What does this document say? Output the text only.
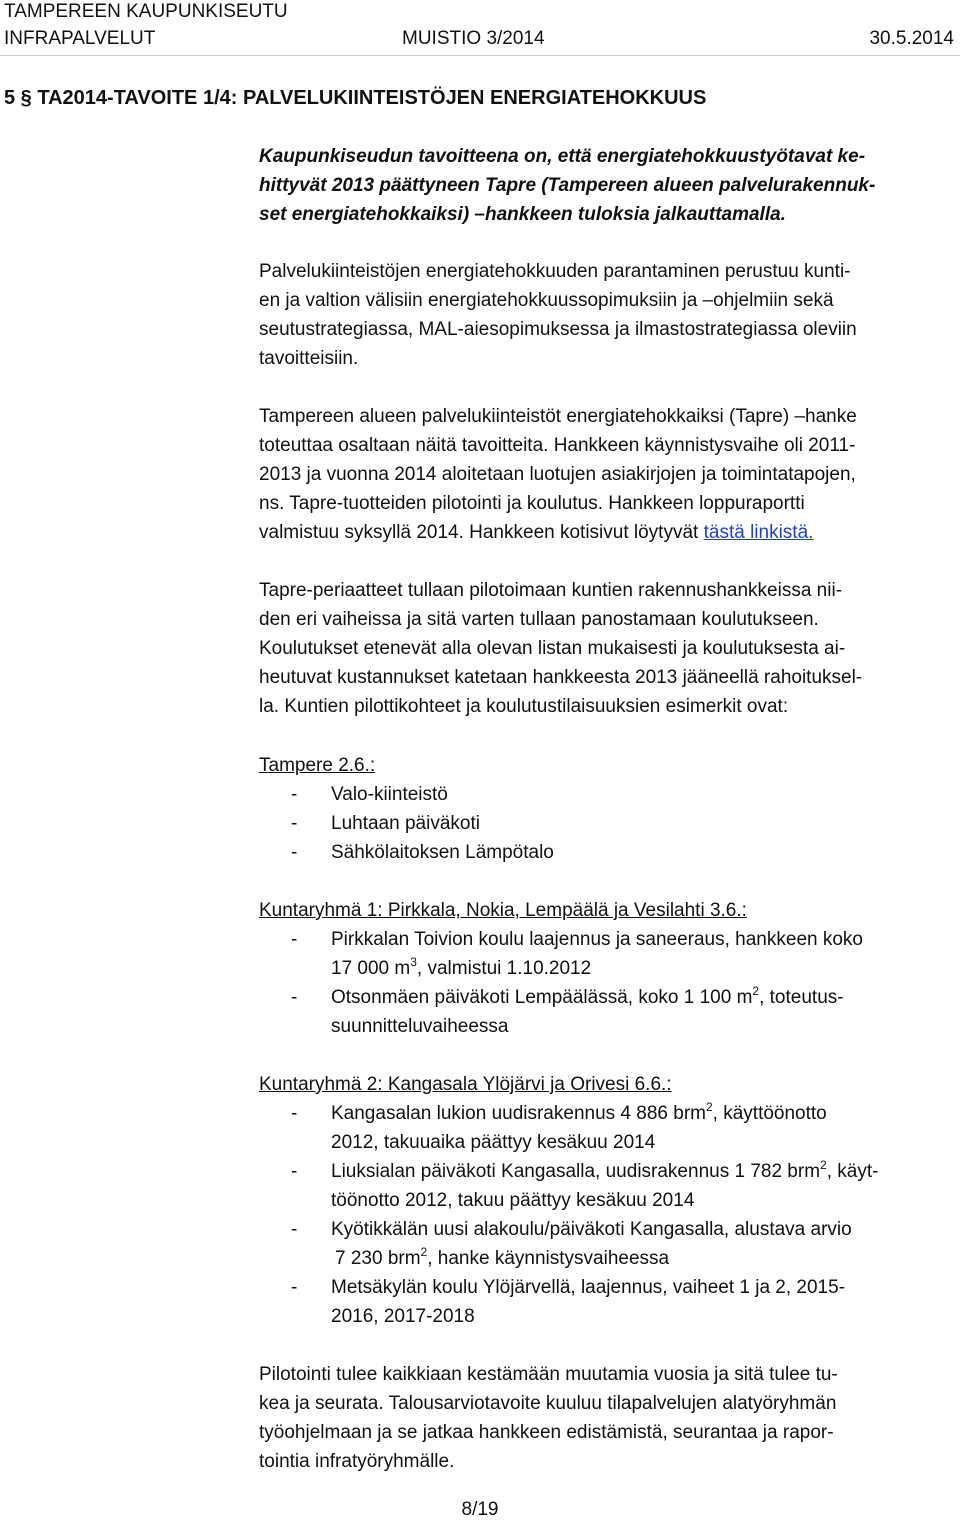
TAMPEREEN KAUPUNKISEUTU
INFRAPALVELUT	MUISTIO 3/2014	30.5.2014
5 § TA2014-TAVOITE 1/4: PALVELUKIINTEISTÖJEN ENERGIATEHOKKUUS
Kaupunkiseudun tavoitteena on, että energiatehokkuustyötavat ke-
hittyvät 2013 päättyneen Tapre (Tampereen alueen palvelurakennuk-
set energiatehokkaiksi) –hankkeen tuloksia jalkauttamalla.
Palvelukiinteistöjen energiatehokkuuden parantaminen perustuu kunti-
en ja valtion välisiin energiatehokkuussopimuksiin ja –ohjelmiin sekä
seutustrategiassa, MAL-aiesopimuksessa ja ilmastostrategiassa oleviin
tavoitteisiin.
Tampereen alueen palvelukiinteistöt energiatehokkaiksi (Tapre) –hanke
toteuttaa osaltaan näitä tavoitteita. Hankkeen käynnistysvaihe oli 2011-
2013 ja vuonna 2014 aloitetaan luotujen asiakirjojen ja toimintatapojen,
ns. Tapre-tuotteiden pilotointi ja koulutus. Hankkeen loppuraportti
valmistuu syksyllä 2014. Hankkeen kotisivut löytyvät tästä linkistä.
Tapre-periaatteet tullaan pilotoimaan kuntien rakennushankkeissa nii-
den eri vaiheissa ja sitä varten tullaan panostamaan koulutukseen.
Koulutukset etenevät alla olevan listan mukaisesti ja koulutuksesta ai-
heutuvat kustannukset katetaan hankkeesta 2013 jääneellä rahoituksel-
la. Kuntien pilottikohteet ja koulutustilaisuuksien esimerkit ovat:
Tampere 2.6.:
- Valo-kiinteistö
- Luhtaan päiväkoti
- Sähkölaitoksen Lämpötalo
Kuntaryhmä 1: Pirkkala, Nokia, Lempäälä ja Vesilahti 3.6.:
- Pirkkalan Toivion koulu laajennus ja saneeraus, hankkeen koko
17 000 $m^3$, valmistui 1.10.2012
- Otsonmäen päiväkoti Lempäälässä, koko 1 100 $m^2$, toteutus-
suunnitteluvaiheessa
Kuntaryhmä 2: Kangasala Ylöjärvi ja Orivesi 6.6.:
- Kangasalan lukion uudisrakennus 4 886 brm$^2$, käyttöönotto
2012, takuuaika päättyy kesäkuu 2014
- Liuksialan päiväkoti Kangasalla, uudisrakennus 1 782 brm$^2$, käyt-
töönotto 2012, takuu päättyy kesäkuu 2014
- Kyötikkälän uusi alakoulu/päiväkoti Kangasalla, alustava arvio
7 230 brm$^2$, hanke käynnistysvaiheessa
- Metsäkylän koulu Ylöjärvellä, laajennus, vaiheet 1 ja 2, 2015-
2016, 2017-2018
Pilotointi tulee kaikkiaan kestämään muutamia vuosia ja sitä tulee tu-
kea ja seurata. Talousarviotavoite kuuluu tilapalvelujen alatyöryhmän
työohjelmaan ja se jatkaa hankkeen edistämistä, seurantaa ja rapor-
tointia infratyöryhmälle.
8/19
